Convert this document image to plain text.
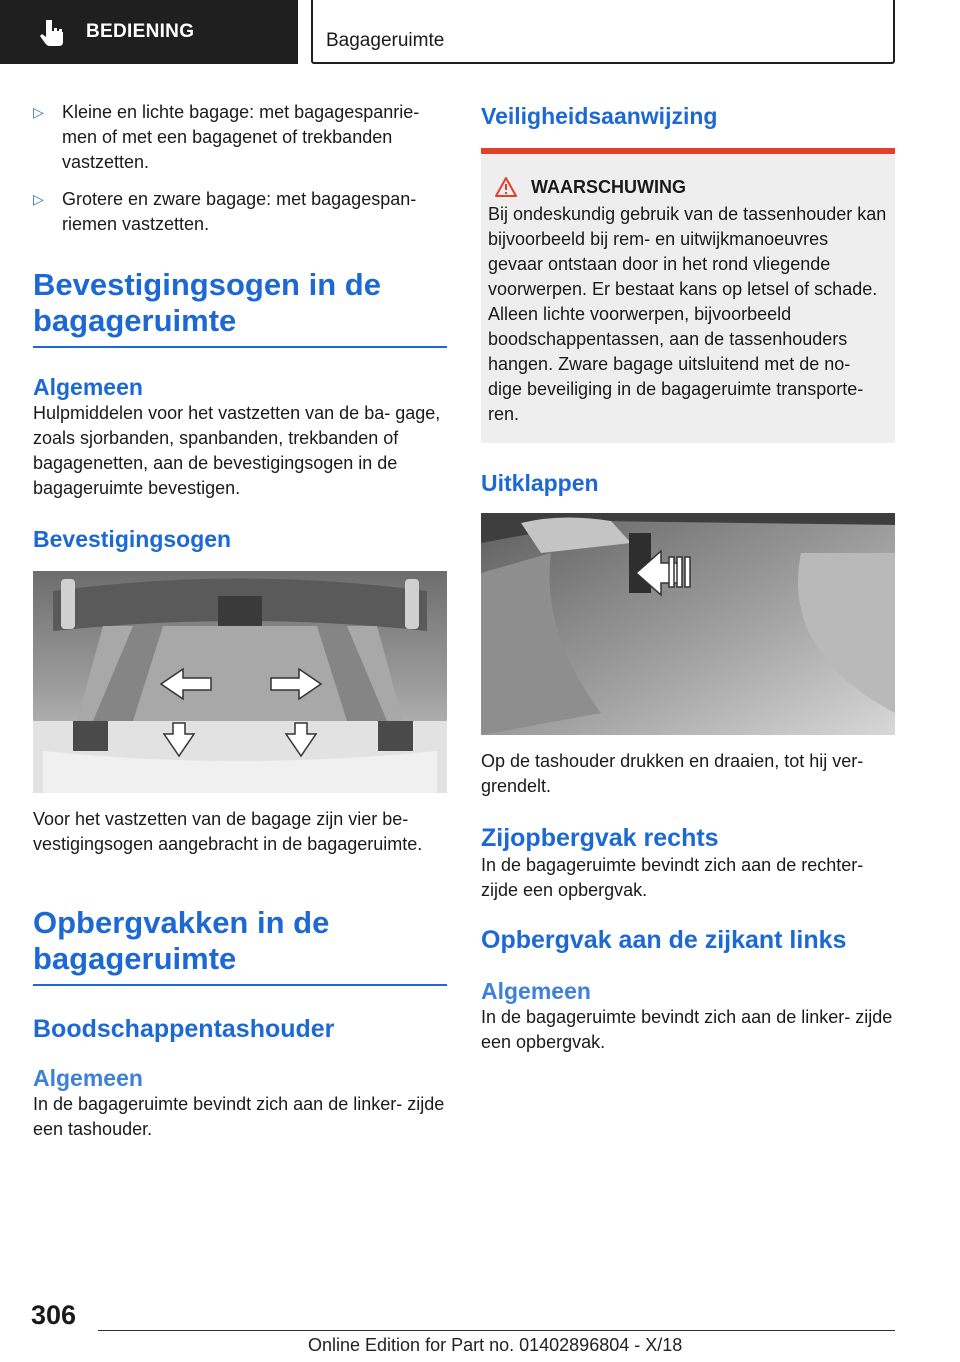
BEDIENING	Bagageruimte
▷ Kleine en lichte bagage: met bagagespanrie‐ men of met een bagagenet of trekbanden vastzetten.
▷ Grotere en zware bagage: met bagagespan‐ riemen vastzetten.
Bevestigingsogen in de bagageruimte
Algemeen

Hulpmiddelen voor het vastzetten van de ba‐ gage, zoals sjorbanden, spanbanden, trekbanden of bagagenetten, aan de bevestigingsogen in de bagageruimte bevestigen.

Bevestigingsogen

Voor het vastzetten van de bagage zijn vier be‐ vestigingsogen aangebracht in de bagageruimte.

Opbergvakken in de bagageruimte
Boodschappentashouder
Algemeen

In de bagageruimte bevindt zich aan de linker‐ zijde een tashouder.

Veiligheidsaanwijzing
WAARSCHUWING

Bij ondeskundig gebruik van de tassenhouder kan bijvoorbeeld bij rem- en uitwijkmanoeuvres gevaar ontstaan door in het rond vliegende voorwerpen. Er bestaat kans op letsel of schade. Alleen lichte voorwerpen, bijvoorbeeld boodschappentassen, aan de tassenhouders hangen. Zware bagage uitsluitend met de no‐ dige beveiliging in de bagageruimte transporte‐ ren.

Uitklappen

Op de tashouder drukken en draaien, tot hij ver‐ grendelt.

Zijopbergvak rechts

In de bagageruimte bevindt zich aan de rechter‐ zijde een opbergvak.

Opbergvak aan de zijkant links
Algemeen

In de bagageruimte bevindt zich aan de linker‐ zijde een opbergvak.

306
Online Edition for Part no. 01402896804 - X/18
